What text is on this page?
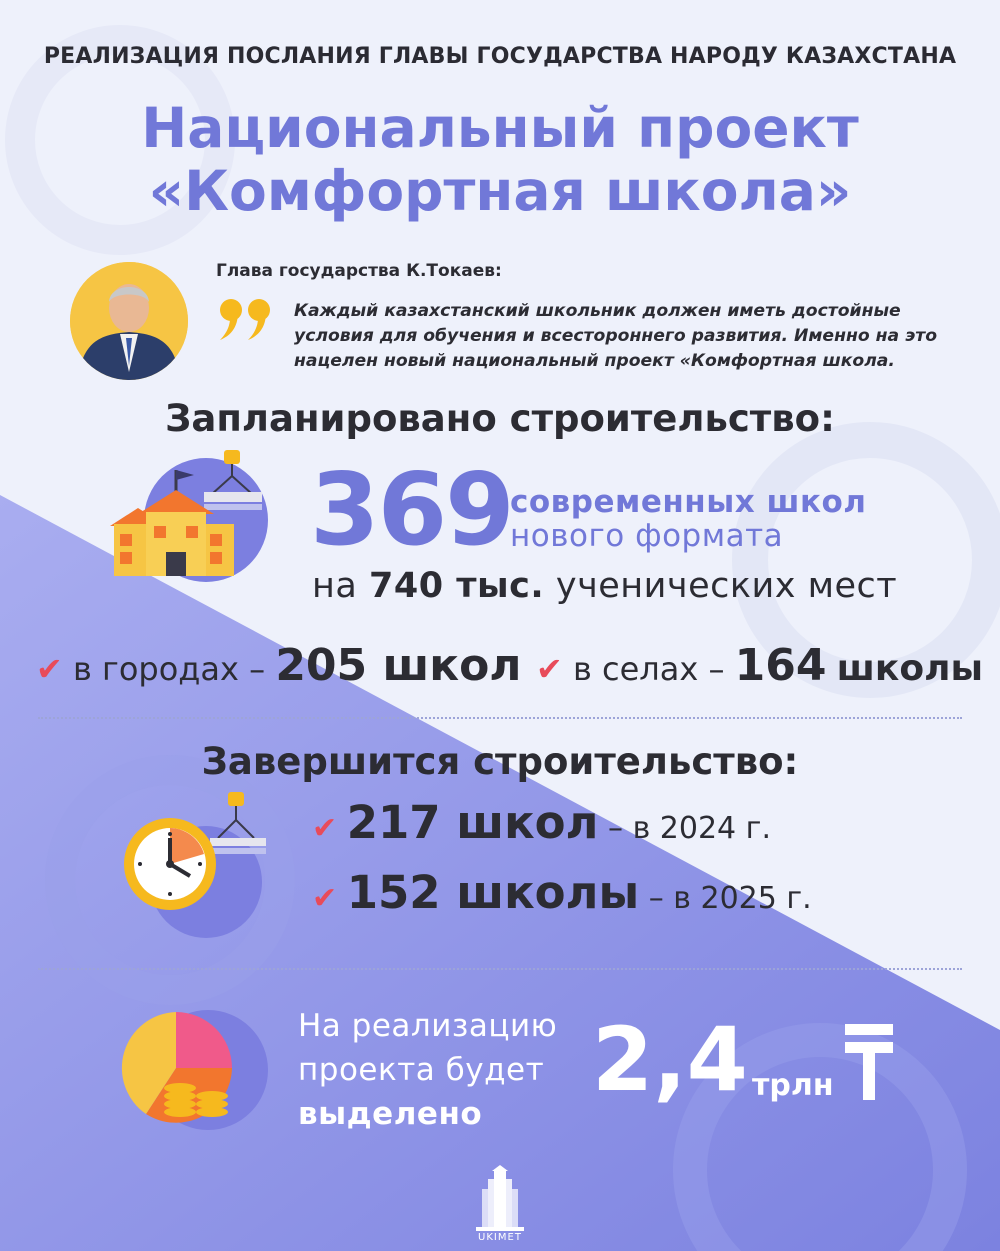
РЕАЛИЗАЦИЯ ПОСЛАНИЯ ГЛАВЫ ГОСУДАРСТВА НАРОДУ КАЗАХСТАНА
Национальный проект
«Комфортная школа»
Глава государства К.Токаев:
Каждый казахстанский школьник должен иметь достойные условия для обучения и всестороннего развития. Именно на это нацелен новый национальный проект «Комфортная школа.
Запланировано строительство:
369
современных школ
нового формата
на 740 тыс. ученических мест
✔ в городах – 205 школ ✔ в селах – 164 школы
Завершится строительство:
✔ 217 школ – в 2024 г.
✔ 152 школы – в 2025 г.
На реализацию
проекта будет
выделено
2,4 трлн
UKIMET
